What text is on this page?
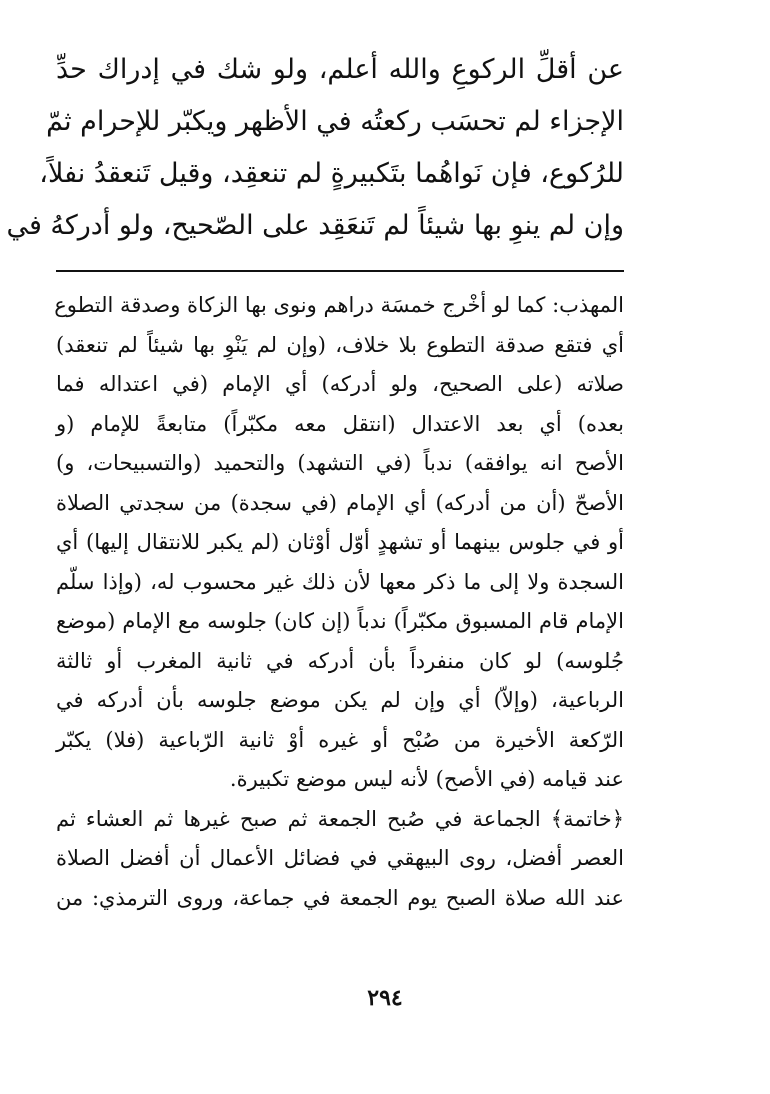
عن أقلِّ الركوعِ والله أعلم، ولو شك في إدراك حدِّ
الإجزاء لم تحسَب ركعتُه في الأظهر ويكبّر للإحرام ثمّ
للرُكوع، فإن نَواهُما بتَكبيرةٍ لم تنعقِد، وقيل تَنعقدُ نفلاً،
وإن لم ينوِ بها شيئاً لم تَنعَقِد على الصّحيح، ولو أدركهُ في
المهذب: كما لو أخْرج خمسَة دراهم ونوى بها الزكاة وصدقة التطوع
أي فتقع صدقة التطوع بلا خلاف، (وإن لم يَنْوِ بها شيئاً لم تنعقد)
صلاته (على الصحيح، ولو أدركه) أي الإمام (في اعتداله فما
بعده) أي بعد الاعتدال (انتقل معه مكبّراً) متابعةً للإمام (و
الأصح انه يوافقه) ندباً (في التشهد) والتحميد (والتسبيحات، و)
الأصحّ (أن من أدركه) أي الإمام (في سجدة) من سجدتي الصلاة
أو في جلوس بينهما أو تشهدٍ أوّل أوْثان (لم يكبر للانتقال إليها) أي
السجدة ولا إلى ما ذكر معها لأن ذلك غير محسوب له، (وإذا سلّم
الإمام قام المسبوق مكبّراً) ندباً (إن كان) جلوسه مع الإمام (موضع
جُلوسه) لو كان منفرداً بأن أدركه في ثانية المغرب أو ثالثة
الرباعية، (وإلاّ) أي وإن لم يكن موضع جلوسه بأن أدركه في
الرّكعة الأخيرة من صُبْح أو غيره أوْ ثانية الرّباعية (فلا) يكبّر
عند قيامه (في الأصح) لأنه ليس موضع تكبيرة.
﴿خاتمة﴾ الجماعة في صُبح الجمعة ثم صبح غيرها ثم العشاء ثم
العصر أفضل، روى البيهقي في فضائل الأعمال أن أفضل الصلاة
عند الله صلاة الصبح يوم الجمعة في جماعة، وروى الترمذي: من
٢٩٤
